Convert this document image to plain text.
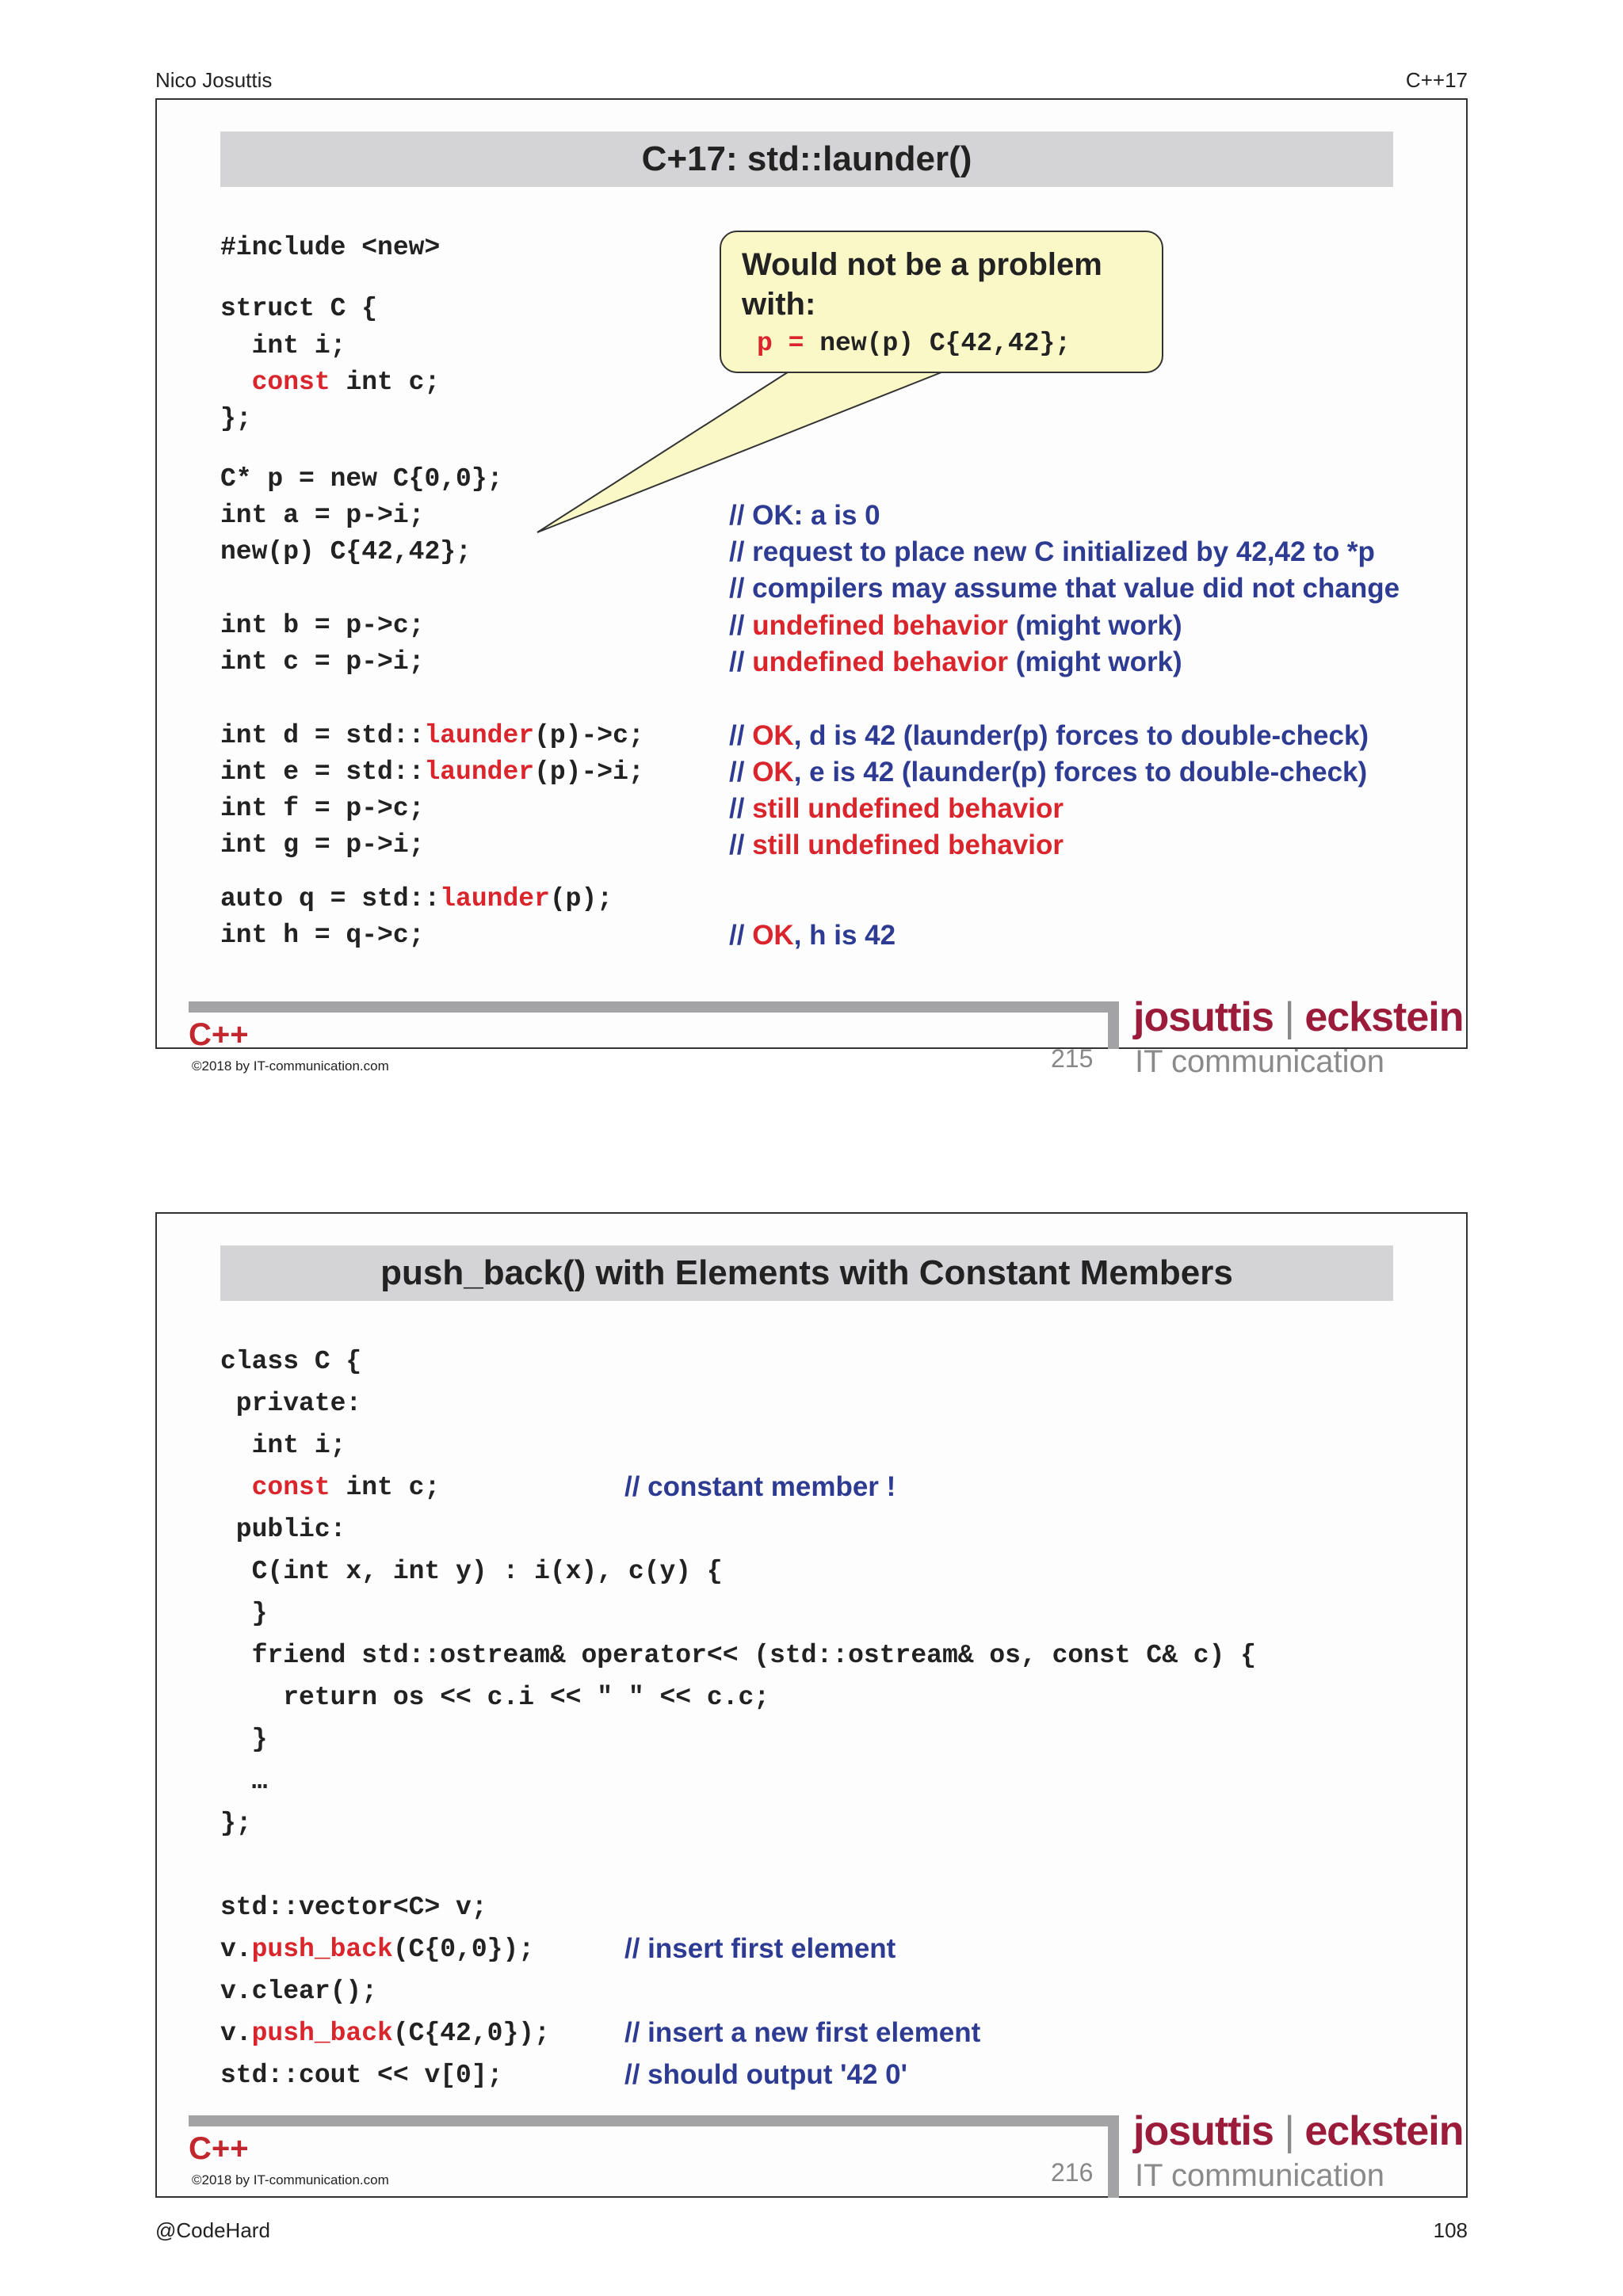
Nico Josuttis	C++17
C+17: std::launder()
Would not be a problem with:
p = new(p) C{42,42};
#include <new>
struct C {
int i;
const int c;
};
C* p = new C{0,0};
int a = p->i;
new(p) C{42,42};
int b = p->c;
int c = p->i;
int d = std::launder(p)->c;
int e = std::launder(p)->i;
int f = p->c;
int g = p->i;
auto q = std::launder(p);
int h = q->c;
// OK: a is 0
// request to place new C initialized by 42,42 to *p
// compilers may assume that value did not change
// undefined behavior (might work)
// undefined behavior (might work)
// OK, d is 42 (launder(p) forces to double-check)
// OK, e is 42 (launder(p) forces to double-check)
// still undefined behavior
// still undefined behavior
// OK, h is 42
C++
©2018 by IT-communication.com	215
josuttis | eckstein
IT communication
push_back() with Elements with Constant Members
class C {
private:
int i;
const int c;
public:
C(int x, int y) : i(x), c(y) {
}
friend std::ostream& operator<< (std::ostream& os, const C& c) {
return os << c.i << " " << c.c;
}
…
};
std::vector<C> v;
v.push_back(C{0,0});
v.clear();
v.push_back(C{42,0});
std::cout << v[0];
// constant member !
// insert first element
// insert a new first element
// should output '42 0'
C++
©2018 by IT-communication.com	216
josuttis | eckstein
IT communication
@CodeHard	108
